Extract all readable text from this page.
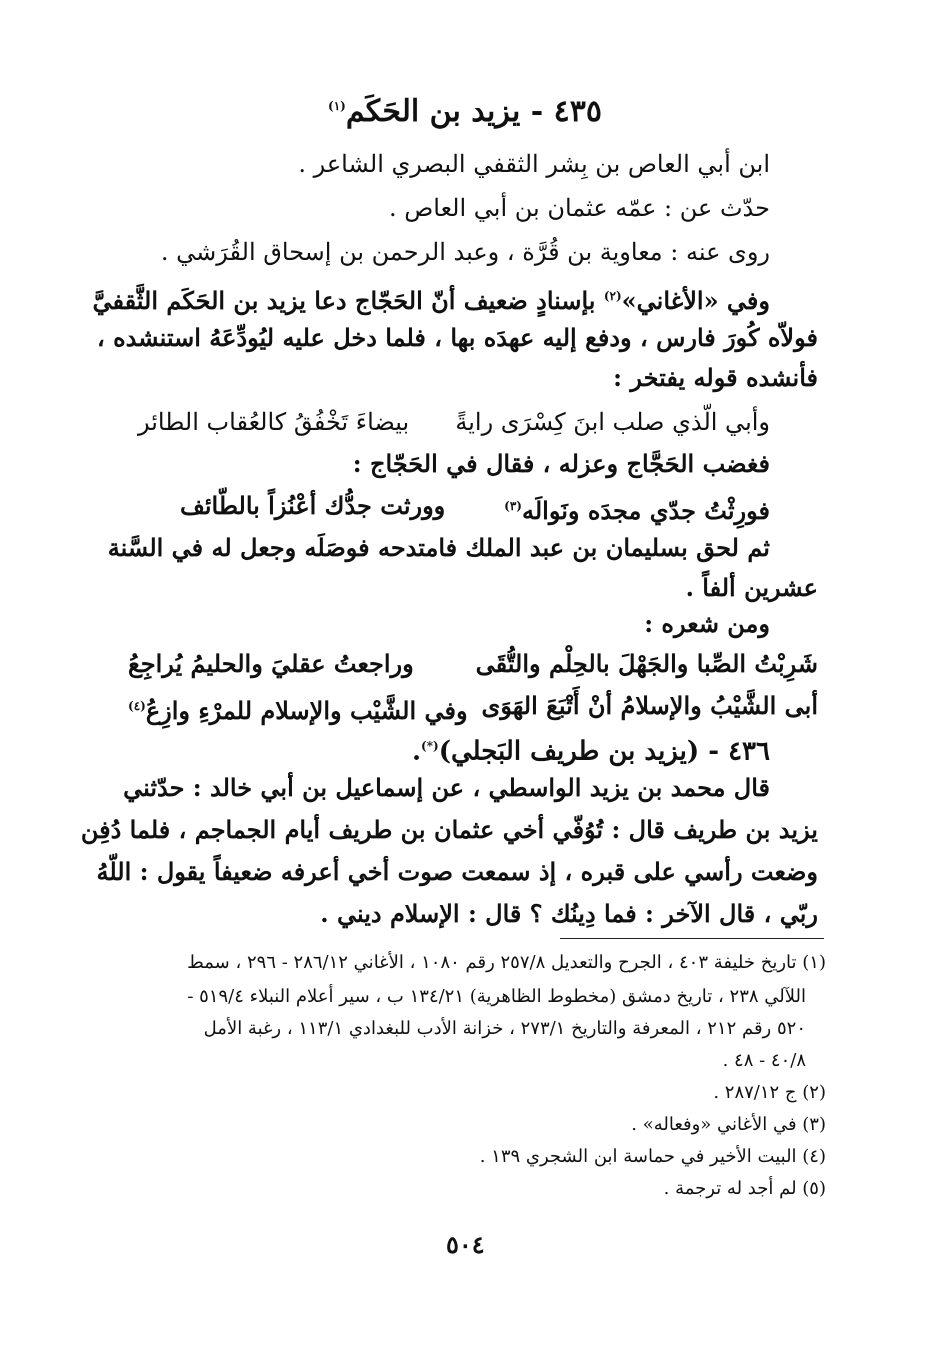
٤٣٥ - يزيد بن الحَكَم$^{(١)}$
ابن أبي العاص بن بِشر الثقفي البصري الشاعر .
حدّث عن : عمّه عثمان بن أبي العاص .
روى عنه : معاوية بن قُرَّة ، وعبد الرحمن بن إسحاق القُرَشي .
وفي «الأغاني»$^{(٢)}$ بإسنادٍ ضعيف أنّ الحَجّاج دعا يزيد بن الحَكَم الثَّقفيَّ
فولاّه كُورَ فارس ، ودفع إليه عهدَه بها ، فلما دخل عليه ليُودِّعَهُ استنشده ،
فأنشده قوله يفتخر :
وأبي الّذي صلب ابنَ كِسْرَى رايةً
بيضاءَ تَخْفُقُ كالعُقاب الطائر
فغضب الحَجَّاج وعزله ، فقال في الحَجّاج :
فورِثْتُ جدّي مجدَه ونَوالَه$^{(٣)}$
وورثت جدُّك أعْنُزاً بالطّائف
ثم لحق بسليمان بن عبد الملك فامتدحه فوصَلَه وجعل له في السَّنة
عشرين ألفاً .
ومن شعره :
شَرِبْتُ الصِّبا والجَهْلَ بالحِلْم والتُّقَى
وراجعتُ عقليَ والحليمُ يُراجِعُ
أبى الشَّيْبُ والإسلامُ أنْ أَتْبَعَ الهَوَى
وفي الشَّيْب والإسلام للمرْءِ وازِعُ$^{(٤)}$
٤٣٦ - (يزيد بن طريف البَجلي)(*).
قال محمد بن يزيد الواسطي ، عن إسماعيل بن أبي خالد : حدّثني
يزيد بن طريف قال : تُوُفّي أخي عثمان بن طريف أيام الجماجم ، فلما دُفِن
وضعت رأسي على قبره ، إذ سمعت صوت أخي أعرفه ضعيفاً يقول : اللّهُ
ربّي ، قال الآخر : فما دِينُك ؟ قال : الإسلام ديني .
(١) تاريخ خليفة ٤٠٣ ، الجرح والتعديل ٢٥٧/٨ رقم ١٠٨٠ ، الأغاني ٢٨٦/١٢ - ٢٩٦ ، سمط
اللآلي ٢٣٨ ، تاريخ دمشق (مخطوط الظاهرية) ١٣٤/٢١ ب ، سير أعلام النبلاء ٥١٩/٤ -
٥٢٠ رقم ٢١٢ ، المعرفة والتاريخ ٢٧٣/١ ، خزانة الأدب للبغدادي ١١٣/١ ، رغبة الأمل
٤٠/٨ - ٤٨ .
(٢) ج ٢٨٧/١٢ .
(٣) في الأغاني «وفعاله» .
(٤) البيت الأخير في حماسة ابن الشجري ١٣٩ .
(٥) لم أجد له ترجمة .
٥٠٤
